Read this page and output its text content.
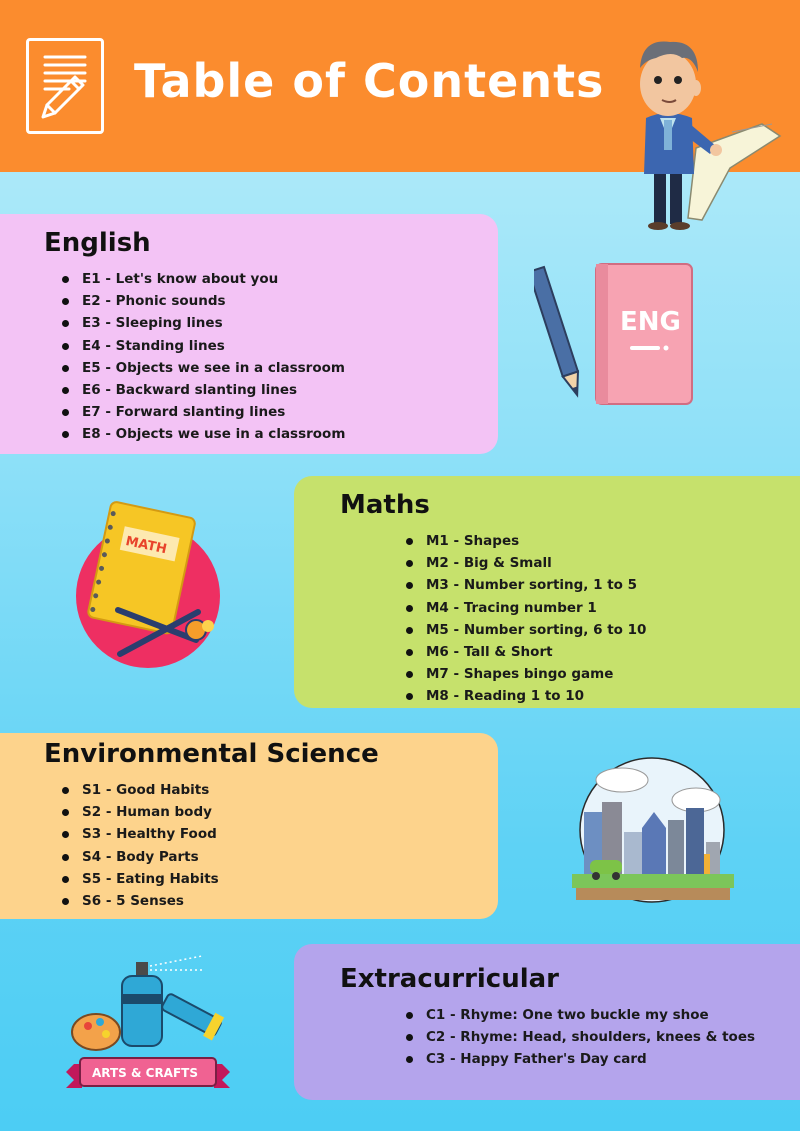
Table of Contents
English
E1 - Let's know about you
E2 - Phonic sounds
E3 - Sleeping lines
E4 - Standing lines
E5 - Objects we see in a classroom
E6 - Backward slanting lines
E7 - Forward slanting lines
E8 - Objects we use in a classroom
ENG
Maths
M1 - Shapes
M2 - Big & Small
M3 - Number sorting, 1 to 5
M4 - Tracing number 1
M5 - Number sorting, 6 to 10
M6 - Tall & Short
M7 - Shapes bingo game
M8 - Reading 1 to 10
MATH
Environmental Science
S1 - Good Habits
S2 - Human body
S3 - Healthy Food
S4 - Body Parts
S5 - Eating Habits
S6 - 5 Senses
Extracurricular
C1 - Rhyme: One two buckle my shoe
C2 - Rhyme: Head, shoulders, knees & toes
C3 - Happy Father's Day card
ARTS & CRAFTS
